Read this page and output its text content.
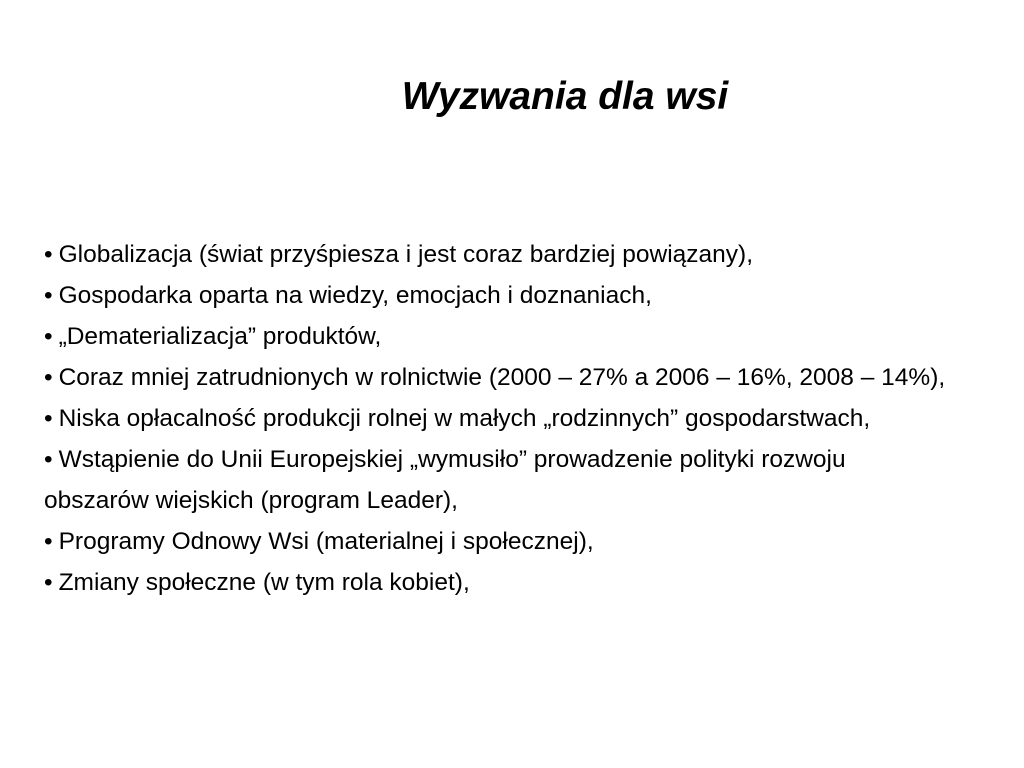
Wyzwania dla wsi
• Globalizacja (świat przyśpiesza i jest coraz bardziej powiązany),
• Gospodarka oparta na wiedzy, emocjach i doznaniach,
• „Dematerializacja” produktów,
• Coraz mniej zatrudnionych w rolnictwie (2000 – 27% a 2006 – 16%, 2008 – 14%),
• Niska opłacalność produkcji rolnej w małych „rodzinnych” gospodarstwach,
• Wstąpienie do Unii Europejskiej „wymusiło” prowadzenie polityki rozwoju obszarów wiejskich (program Leader),
• Programy Odnowy Wsi (materialnej i społecznej),
• Zmiany społeczne (w tym rola kobiet),
